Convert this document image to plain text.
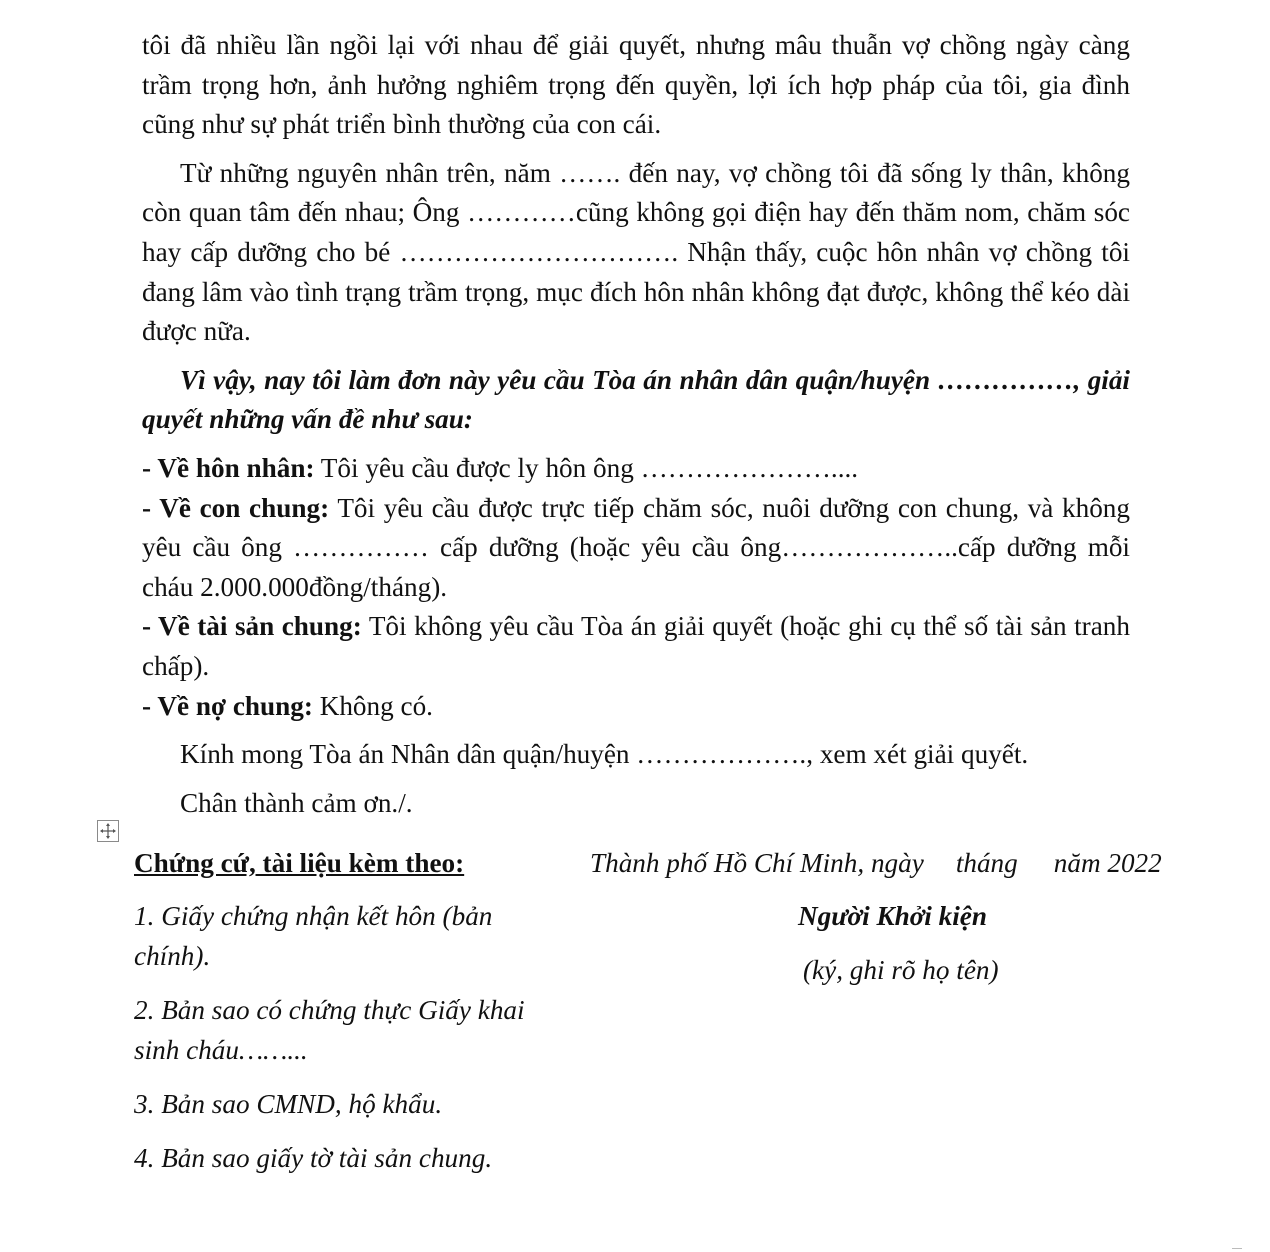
tôi đã nhiều lần ngồi lại với nhau để giải quyết, nhưng mâu thuẫn vợ chồng ngày càng trầm trọng hơn, ảnh hưởng nghiêm trọng đến quyền, lợi ích hợp pháp của tôi, gia đình cũng như sự phát triển bình thường của con cái.

Từ những nguyên nhân trên, năm ……. đến nay, vợ chồng tôi đã sống ly thân, không còn quan tâm đến nhau; Ông …………cũng không gọi điện hay đến thăm nom, chăm sóc hay cấp dưỡng cho bé …………………………. Nhận thấy, cuộc hôn nhân vợ chồng tôi đang lâm vào tình trạng trầm trọng, mục đích hôn nhân không đạt được, không thể kéo dài được nữa.

Vì vậy, nay tôi làm đơn này yêu cầu Tòa án nhân dân quận/huyện ……………, giải quyết những vấn đề như sau:

- Về hôn nhân: Tôi yêu cầu được ly hôn ông …………………....

- Về con chung: Tôi yêu cầu được trực tiếp chăm sóc, nuôi dưỡng con chung, và không yêu cầu ông …………… cấp dưỡng (hoặc yêu cầu ông………………..cấp dưỡng mỗi cháu 2.000.000đồng/tháng).

- Về tài sản chung: Tôi không yêu cầu Tòa án giải quyết (hoặc ghi cụ thể số tài sản tranh chấp).

- Về nợ chung: Không có.

Kính mong Tòa án Nhân dân quận/huyện ………………., xem xét giải quyết.

Chân thành cảm ơn./.

Chứng cứ, tài liệu kèm theo:
1. Giấy chứng nhận kết hôn (bản chính).
2. Bản sao có chứng thực Giấy khai sinh cháu……...
3. Bản sao CMND, hộ khẩu.
4. Bản sao giấy tờ tài sản chung.
Thành phố Hồ Chí Minh, ngày tháng năm 2022
Người Khởi kiện
(ký, ghi rõ họ tên)
